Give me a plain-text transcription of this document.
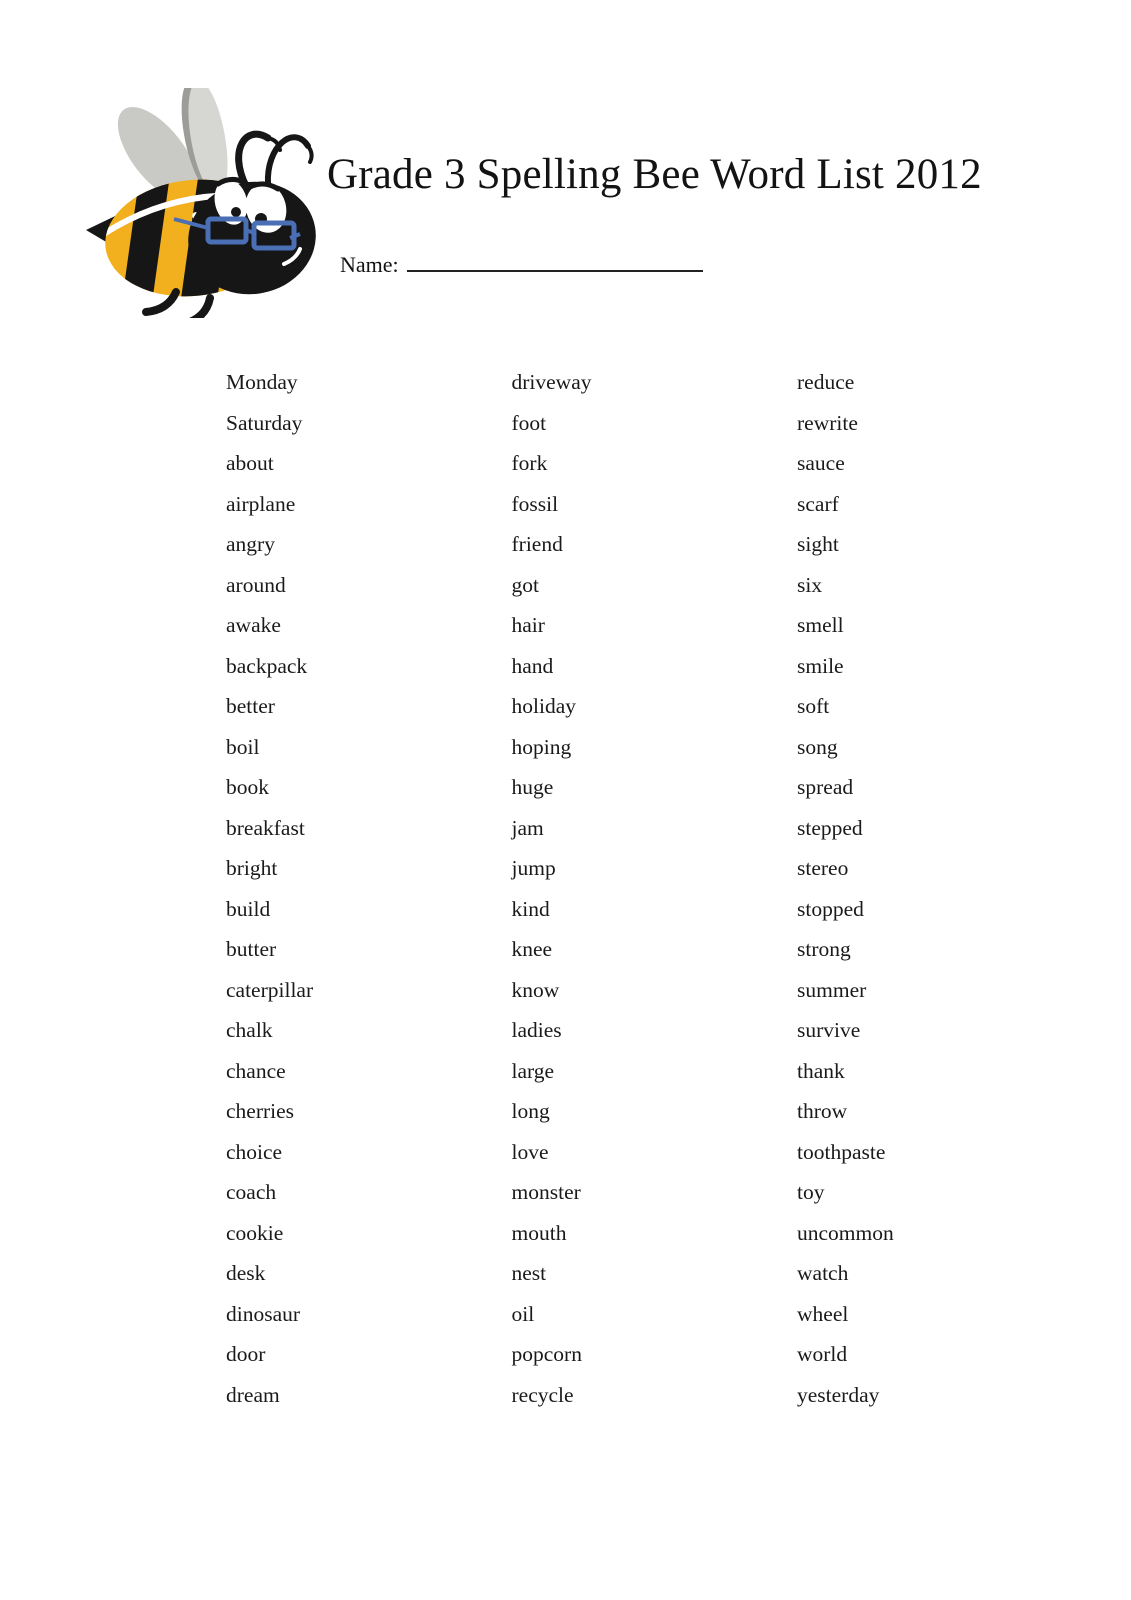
Grade 3 Spelling Bee Word List 2012
Name:
Monday
Saturday
about
airplane
angry
around
awake
backpack
better
boil
book
breakfast
bright
build
butter
caterpillar
chalk
chance
cherries
choice
coach
cookie
desk
dinosaur
door
dream
driveway
foot
fork
fossil
friend
got
hair
hand
holiday
hoping
huge
jam
jump
kind
knee
know
ladies
large
long
love
monster
mouth
nest
oil
popcorn
recycle
reduce
rewrite
sauce
scarf
sight
six
smell
smile
soft
song
spread
stepped
stereo
stopped
strong
summer
survive
thank
throw
toothpaste
toy
uncommon
watch
wheel
world
yesterday
